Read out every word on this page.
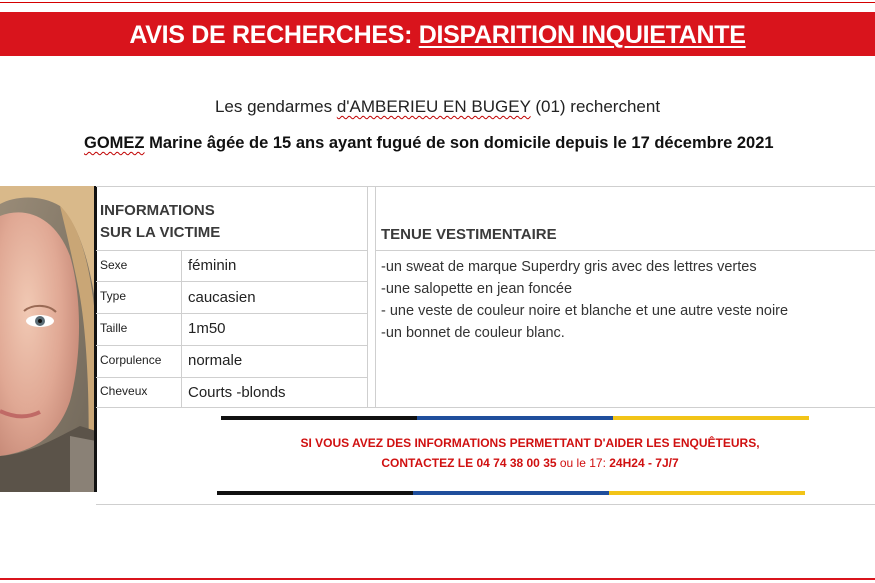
AVIS DE RECHERCHES: DISPARITION INQUIETANTE
Les gendarmes d'AMBERIEU EN BUGEY (01) recherchent
GOMEZ Marine âgée de 15 ans ayant fugué de son domicile depuis le 17 décembre 2021
INFORMATIONS
SUR LA VICTIME
Sexe	féminin
Type	caucasien
Taille	1m50
Corpulence normale
Cheveux	Courts -blonds
TENUE VESTIMENTAIRE
-un sweat de marque Superdry gris avec des lettres vertes
-une salopette en jean foncée
- une veste de couleur noire et blanche et une autre veste noire
-un bonnet de couleur blanc.
SI VOUS AVEZ DES INFORMATIONS PERMETTANT D'AIDER LES ENQUÊTEURS,
CONTACTEZ LE 04 74 38 00 35 ou le 17: 24H24 - 7J/7
